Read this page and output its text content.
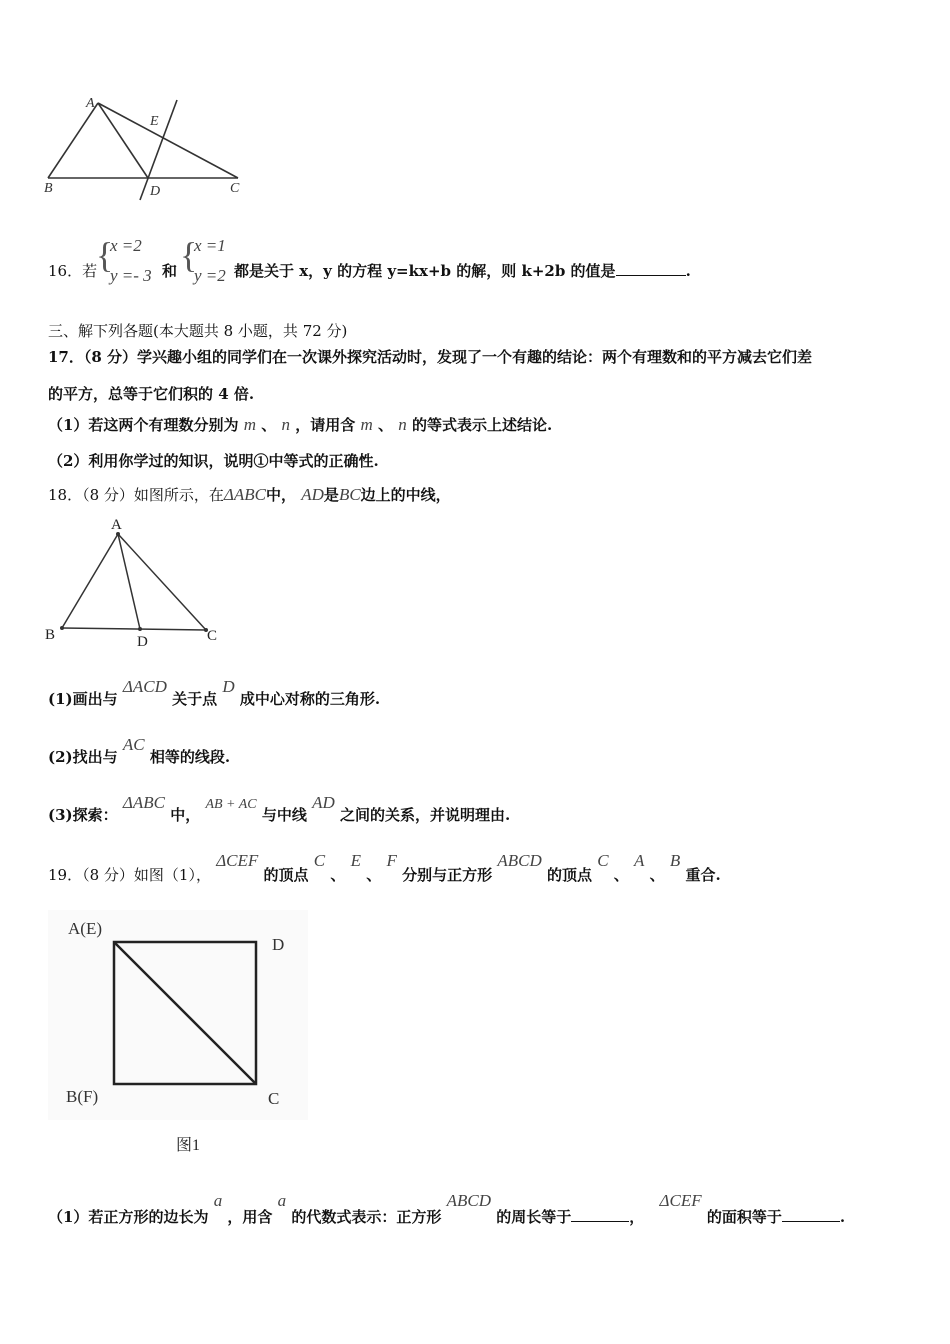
A
E
B	D	C
16．若
{
x =2
y =- 3 和 {
x =1
y =2 都是关于 x，y 的方程 y=kx+b 的解，则 k+2b 的值是	.
三、解下列各题(本大题共 8 小题，共 72 分)
17．（8 分）学兴趣小组的同学们在一次课外探究活动时，发现了一个有趣的结论：两个有理数和的平方减去它们差
的平方，总等于它们积的 4 倍.
（1）若这两个有理数分别为 m 、 n ，请用含 m 、 n 的等式表示上述结论.
（2）利用你学过的知识，说明①中等式的正确性.
18．（8 分）如图所示，在ΔABC中， AD是BC边上的中线，
A
B	D	C
(1)画出与 ΔACD 关于点 D 成中心对称的三角形.
(2)找出与 AC 相等的线段.
(3)探索： ΔABC 中， AB + AC 与中线 AD 之间的关系，并说明理由.
19．（8 分）如图（1）， ΔCEF 的顶点 C 、 E 、 F 分别与正方形 ABCD 的顶点 C 、 A 、 B 重合.
A(E)
D
B(F)	C
图1
（1）若正方形的边长为 a ，用含 a 的代数式表示：正方形 ABCD 的周长等于	， ΔCEF 的面积等于	.
